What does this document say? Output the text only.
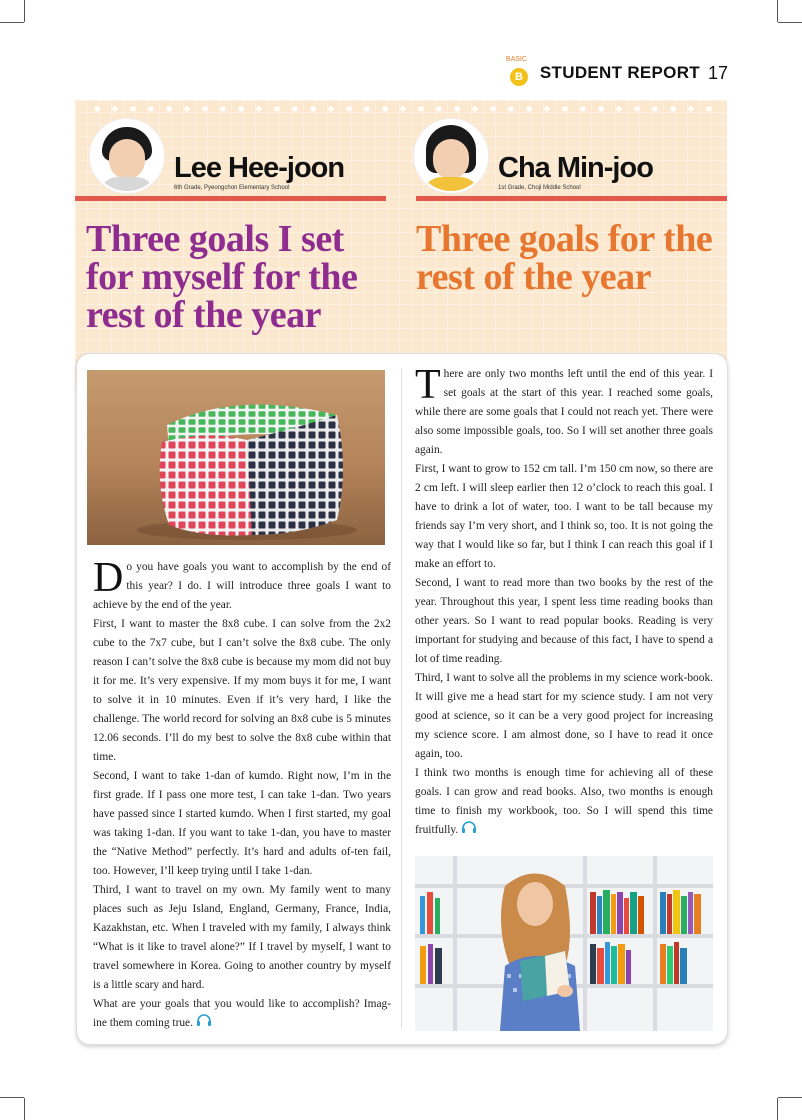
BASIC
B STUDENT REPORT 17
Lee Hee-joon
6th Grade, Pyeongchon Elementary School
Cha Min-joo
1st Grade, Choji Middle School
Three goals I set for myself for the rest of the year
Three goals for the rest of the year
D o you have goals you want to accomplish by the end of this year? I do. I will introduce three goals I want to achieve by the end of the year.

First, I want to master the 8x8 cube. I can solve from the 2x2 cube to the 7x7 cube, but I can’t solve the 8x8 cube. The only reason I can’t solve the 8x8 cube is because my mom did not buy it for me. It’s very expensive. If my mom buys it for me, I want to solve it in 10 minutes. Even if it’s very hard, I like the challenge. The world record for solving an 8x8 cube is 5 minutes 12.06 seconds. I’ll do my best to solve the 8x8 cube within that time.

Second, I want to take 1-dan of kumdo. Right now, I’m in the first grade. If I pass one more test, I can take 1-dan. Two years have passed since I started kumdo. When I first started, my goal was taking 1-dan. If you want to take 1-dan, you have to master the “Native Method” perfectly. It’s hard and adults of-ten fail, too. However, I’ll keep trying until I take 1-dan.

Third, I want to travel on my own. My family went to many places such as Jeju Island, England, Germany, France, India, Kazakhstan, etc. When I traveled with my family, I always think “What is it like to travel alone?” If I travel by myself, I want to travel somewhere in Korea. Going to another country by myself is a little scary and hard.

What are your goals that you would like to accomplish? Imag-ine them coming true.

T here are only two months left until the end of this year. I set goals at the start of this year. I reached some goals, while there are some goals that I could not reach yet. There were also some impossible goals, too. So I will set another three goals again.

First, I want to grow to 152 cm tall. I’m 150 cm now, so there are 2 cm left. I will sleep earlier then 12 o’clock to reach this goal. I have to drink a lot of water, too. I want to be tall because my friends say I’m very short, and I think so, too. It is not going the way that I would like so far, but I think I can reach this goal if I make an effort to.

Second, I want to read more than two books by the rest of the year. Throughout this year, I spent less time reading books than other years. So I want to read popular books. Reading is very important for studying and because of this fact, I have to spend a lot of time reading.

Third, I want to solve all the problems in my science work-book. It will give me a head start for my science study. I am not very good at science, so it can be a very good project for increasing my science score. I am almost done, so I have to read it once again, too.

I think two months is enough time for achieving all of these goals. I can grow and read books. Also, two months is enough time to finish my workbook, too. So I will spend this time fruitfully.
